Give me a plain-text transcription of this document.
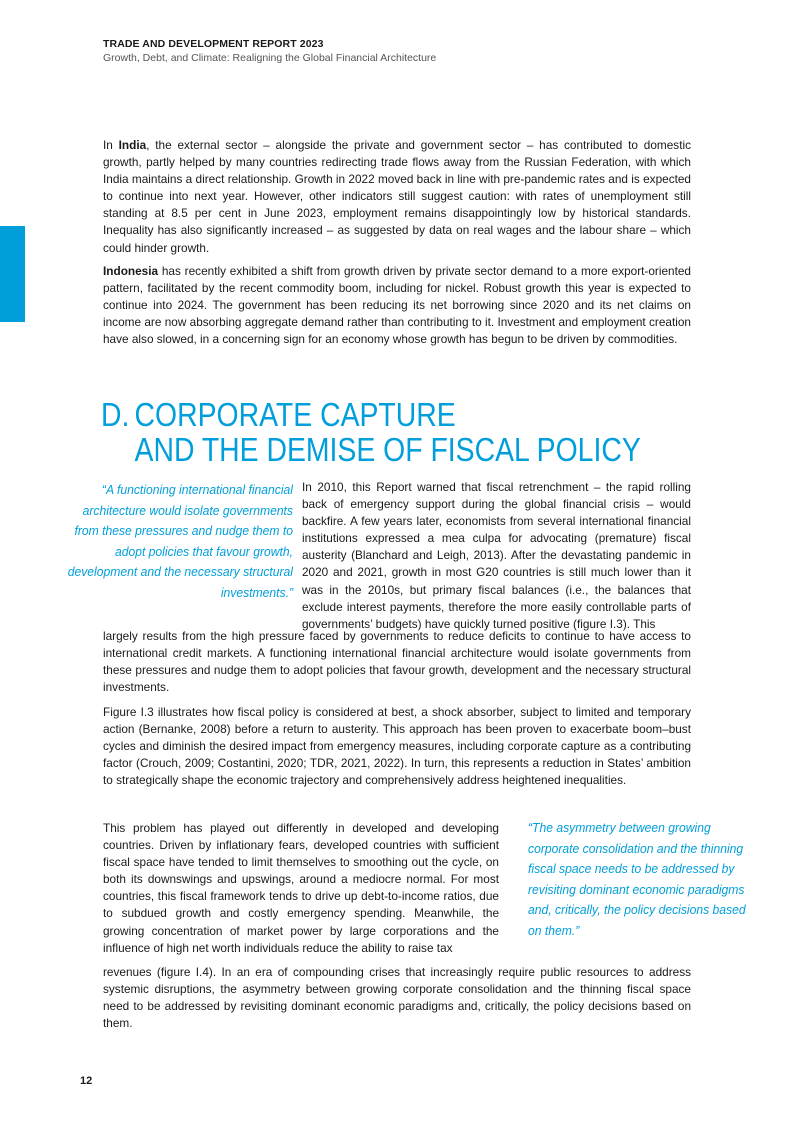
TRADE AND DEVELOPMENT REPORT 2023
Growth, Debt, and Climate: Realigning the Global Financial Architecture

In India, the external sector – alongside the private and government sector – has contributed to domestic growth, partly helped by many countries redirecting trade flows away from the Russian Federation, with which India maintains a direct relationship. Growth in 2022 moved back in line with pre-pandemic rates and is expected to continue into next year. However, other indicators still suggest caution: with rates of unemployment still standing at 8.5 per cent in June 2023, employment remains disappointingly low by historical standards. Inequality has also significantly increased – as suggested by data on real wages and the labour share – which could hinder growth.

Indonesia has recently exhibited a shift from growth driven by private sector demand to a more export-oriented pattern, facilitated by the recent commodity boom, including for nickel. Robust growth this year is expected to continue into 2024. The government has been reducing its net borrowing since 2020 and its net claims on income are now absorbing aggregate demand rather than contributing to it. Investment and employment creation have also slowed, in a concerning sign for an economy whose growth has begun to be driven by commodities.

D. CORPORATE CAPTURE
AND THE DEMISE OF FISCAL POLICY

“A functioning international financial architecture would isolate governments from these pressures and nudge them to adopt policies that favour growth, development and the necessary structural investments.”

In 2010, this Report warned that fiscal retrenchment – the rapid rolling back of emergency support during the global financial crisis – would backfire. A few years later, economists from several international financial institutions expressed a mea culpa for advocating (premature) fiscal austerity (Blanchard and Leigh, 2013). After the devastating pandemic in 2020 and 2021, growth in most G20 countries is still much lower than it was in the 2010s, but primary fiscal balances (i.e., the balances that exclude interest payments, therefore the more easily controllable parts of governments’ budgets) have quickly turned positive (figure I.3). This

largely results from the high pressure faced by governments to reduce deficits to continue to have access to international credit markets. A functioning international financial architecture would isolate governments from these pressures and nudge them to adopt policies that favour growth, development and the necessary structural investments.

Figure I.3 illustrates how fiscal policy is considered at best, a shock absorber, subject to limited and temporary action (Bernanke, 2008) before a return to austerity. This approach has been proven to exacerbate boom–bust cycles and diminish the desired impact from emergency measures, including corporate capture as a contributing factor (Crouch, 2009; Costantini, 2020; TDR, 2021, 2022). In turn, this represents a reduction in States’ ambition to strategically shape the economic trajectory and comprehensively address heightened inequalities.

This problem has played out differently in developed and developing countries. Driven by inflationary fears, developed countries with sufficient fiscal space have tended to limit themselves to smoothing out the cycle, on both its downswings and upswings, around a mediocre normal. For most countries, this fiscal framework tends to drive up debt-to-income ratios, due to subdued growth and costly emergency spending. Meanwhile, the growing concentration of market power by large corporations and the influence of high net worth individuals reduce the ability to raise tax

“The asymmetry between growing corporate consolidation and the thinning fiscal space needs to be addressed by revisiting dominant economic paradigms and, critically, the policy decisions based on them.”

revenues (figure I.4). In an era of compounding crises that increasingly require public resources to address systemic disruptions, the asymmetry between growing corporate consolidation and the thinning fiscal space need to be addressed by revisiting dominant economic paradigms and, critically, the policy decisions based on them.

12
